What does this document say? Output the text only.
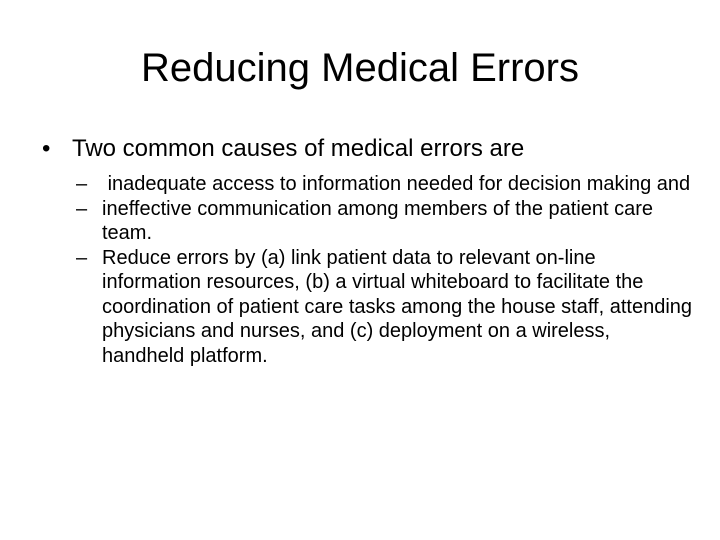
Reducing Medical Errors
• Two common causes of medical errors are
– inadequate access to information needed for decision making and
– ineffective communication among members of the patient care team.
– Reduce errors by (a) link patient data to relevant on-line information resources, (b) a virtual whiteboard to facilitate the coordination of patient care tasks among the house staff, attending physicians and nurses, and (c) deployment on a wireless, handheld platform.
